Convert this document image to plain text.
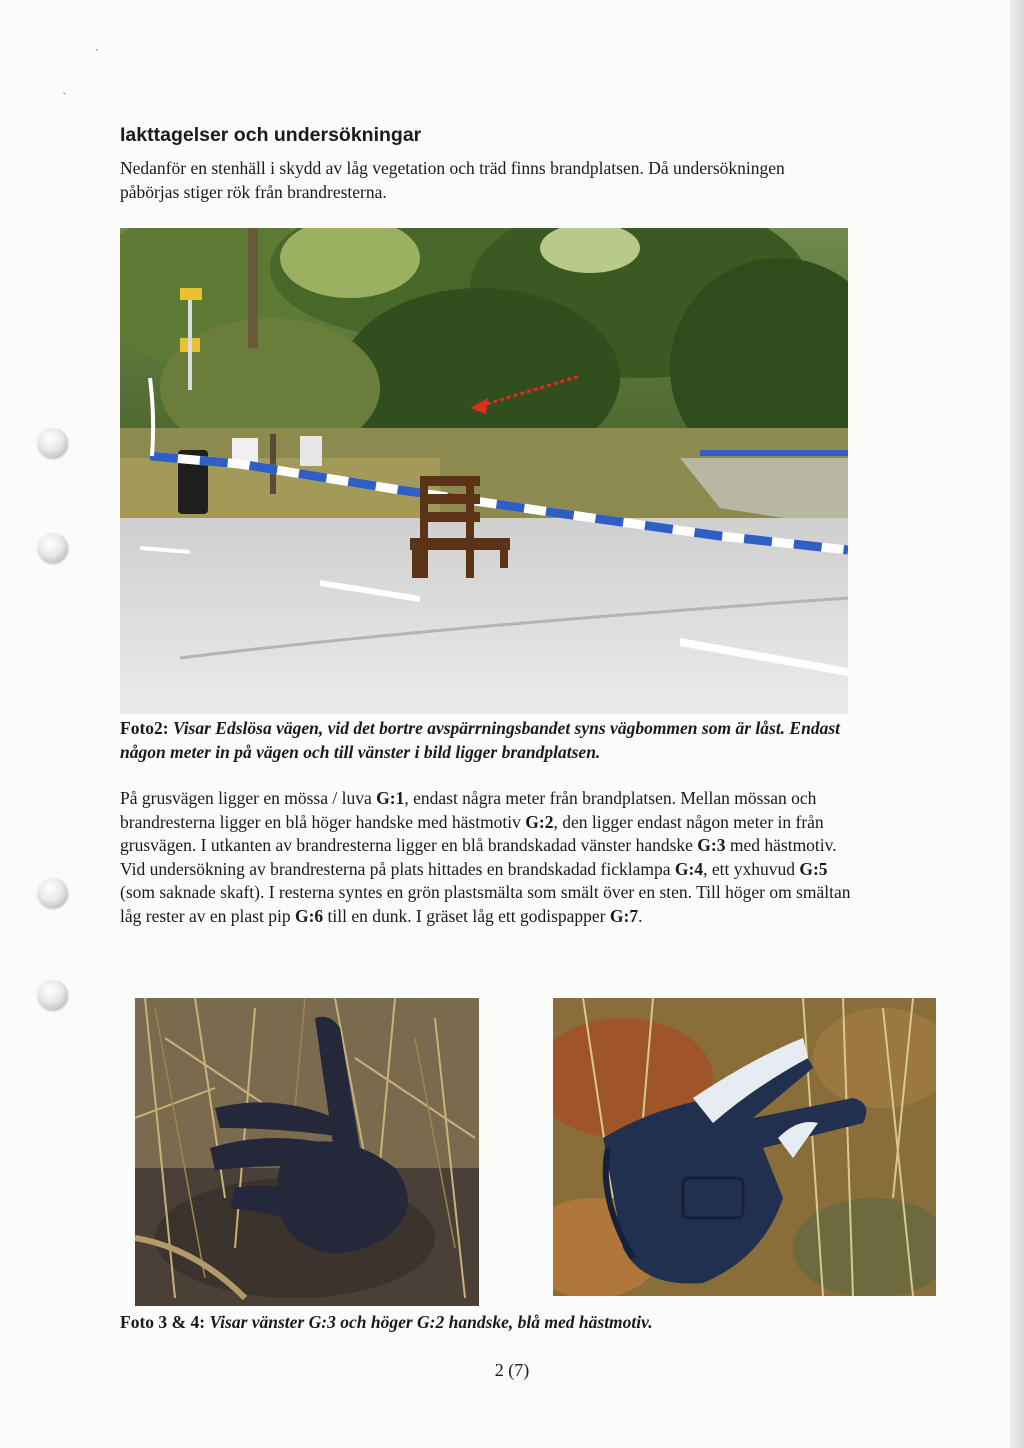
·
ˎ
Iakttagelser och undersökningar

Nedanför en stenhäll i skydd av låg vegetation och träd finns brandplatsen. Då undersökningen påbörjas stiger rök från brandresterna.

Foto2: Visar Edslösa vägen, vid det bortre avspärrningsbandet syns vägbommen som är låst. Endast någon meter in på vägen och till vänster i bild ligger brandplatsen.

På grusvägen ligger en mössa / luva G:1, endast några meter från brandplatsen. Mellan mössan och brandresterna ligger en blå höger handske med hästmotiv G:2, den ligger endast någon meter in från grusvägen. I utkanten av brandresterna ligger en blå brandskadad vänster handske G:3 med hästmotiv.
Vid undersökning av brandresterna på plats hittades en brandskadad ficklampa G:4, ett yxhuvud G:5 (som saknade skaft). I resterna syntes en grön plastsmälta som smält över en sten. Till höger om smältan låg rester av en plast pip G:6 till en dunk. I gräset låg ett godispapper G:7.

Foto 3 & 4: Visar vänster G:3 och höger G:2 handske, blå med hästmotiv.

2 (7)
